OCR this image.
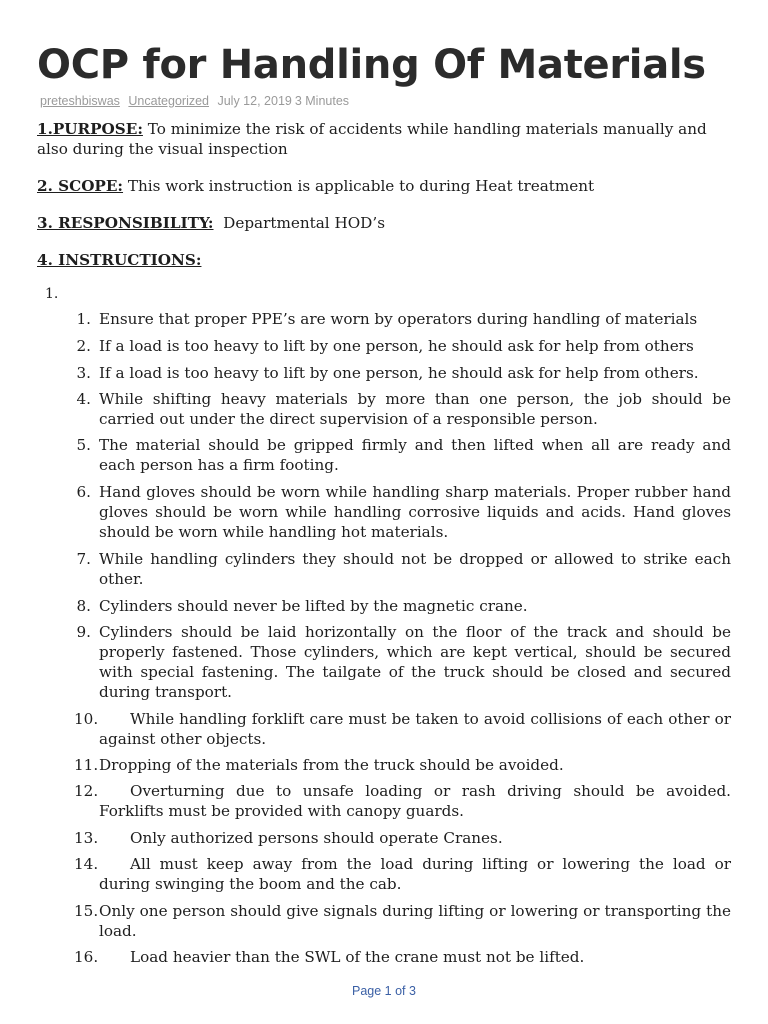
OCP for Handling Of Materials
preteshbiswas Uncategorized July 12, 2019 3 Minutes
1.PURPOSE: To minimize the risk of accidents while handling materials manually and also during the visual inspection
2. SCOPE: This work instruction is applicable to during Heat treatment
3. RESPONSIBILITY:  Departmental HOD’s
4. INSTRUCTIONS:
1.
1. Ensure that proper PPE’s are worn by operators during handling of materials
2. If a load is too heavy to lift by one person, he should ask for help from others
3. If a load is too heavy to lift by one person, he should ask for help from others.
4. While shifting heavy materials by more than one person, the job should be carried out under the direct supervision of a responsible person.
5. The material should be gripped firmly and then lifted when all are ready and each person has a firm footing.
6. Hand gloves should be worn while handling sharp materials. Proper rubber hand gloves should be worn while handling corrosive liquids and acids. Hand gloves should be worn while handling hot materials.
7. While handling cylinders they should not be dropped or allowed to strike each other.
8. Cylinders should never be lifted by the magnetic crane.
9. Cylinders should be laid horizontally on the floor of the track and should be properly fastened. Those cylinders, which are kept vertical, should be secured with special fastening. The tailgate of the truck should be closed and secured during transport.
10.	While handling forklift care must be taken to avoid collisions of each other or against other objects.
11. Dropping of the materials from the truck should be avoided.
12.	Overturning due to unsafe loading or rash driving should be avoided. Forklifts must be provided with canopy guards.
13.	Only authorized persons should operate Cranes.
14.	All must keep away from the load during lifting or lowering the load or during swinging the boom and the cab.
15. Only one person should give signals during lifting or lowering or transporting the load.
16.	Load heavier than the SWL of the crane must not be lifted.
Page 1 of 3
